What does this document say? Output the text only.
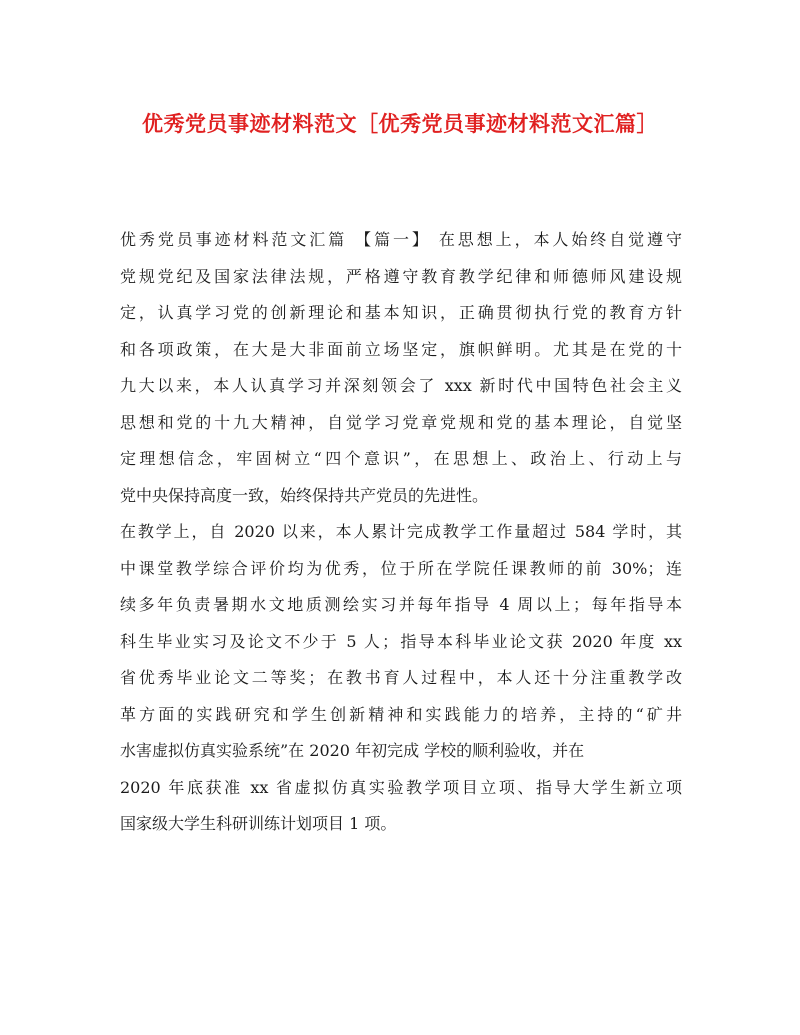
优秀党员事迹材料范文［优秀党员事迹材料范文汇篇］
优秀党员事迹材料范文汇篇 【篇一】 在思想上，本人始终自觉遵守
党规党纪及国家法律法规，严格遵守教育教学纪律和师德师风建设规
定，认真学习党的创新理论和基本知识，正确贯彻执行党的教育方针
和各项政策，在大是大非面前立场坚定，旗帜鲜明。尤其是在党的十
九大以来，本人认真学习并深刻领会了 xxx 新时代中国特色社会主义
思想和党的十九大精神，自觉学习党章党规和党的基本理论，自觉坚
定理想信念，牢固树立“四个意识”，在思想上、政治上、行动上与
党中央保持高度一致，始终保持共产党员的先进性。
在教学上，自 2020 以来，本人累计完成教学工作量超过 584 学时，其
中课堂教学综合评价均为优秀，位于所在学院任课教师的前 30%；连
续多年负责暑期水文地质测绘实习并每年指导 4 周以上；每年指导本
科生毕业实习及论文不少于 5 人；指导本科毕业论文获 2020 年度 xx
省优秀毕业论文二等奖；在教书育人过程中，本人还十分注重教学改
革方面的实践研究和学生创新精神和实践能力的培养，主持的“矿井
水害虚拟仿真实验系统”在 2020 年初完成 学校的顺利验收，并在
2020 年底获准 xx 省虚拟仿真实验教学项目立项、指导大学生新立项
国家级大学生科研训练计划项目 1 项。
